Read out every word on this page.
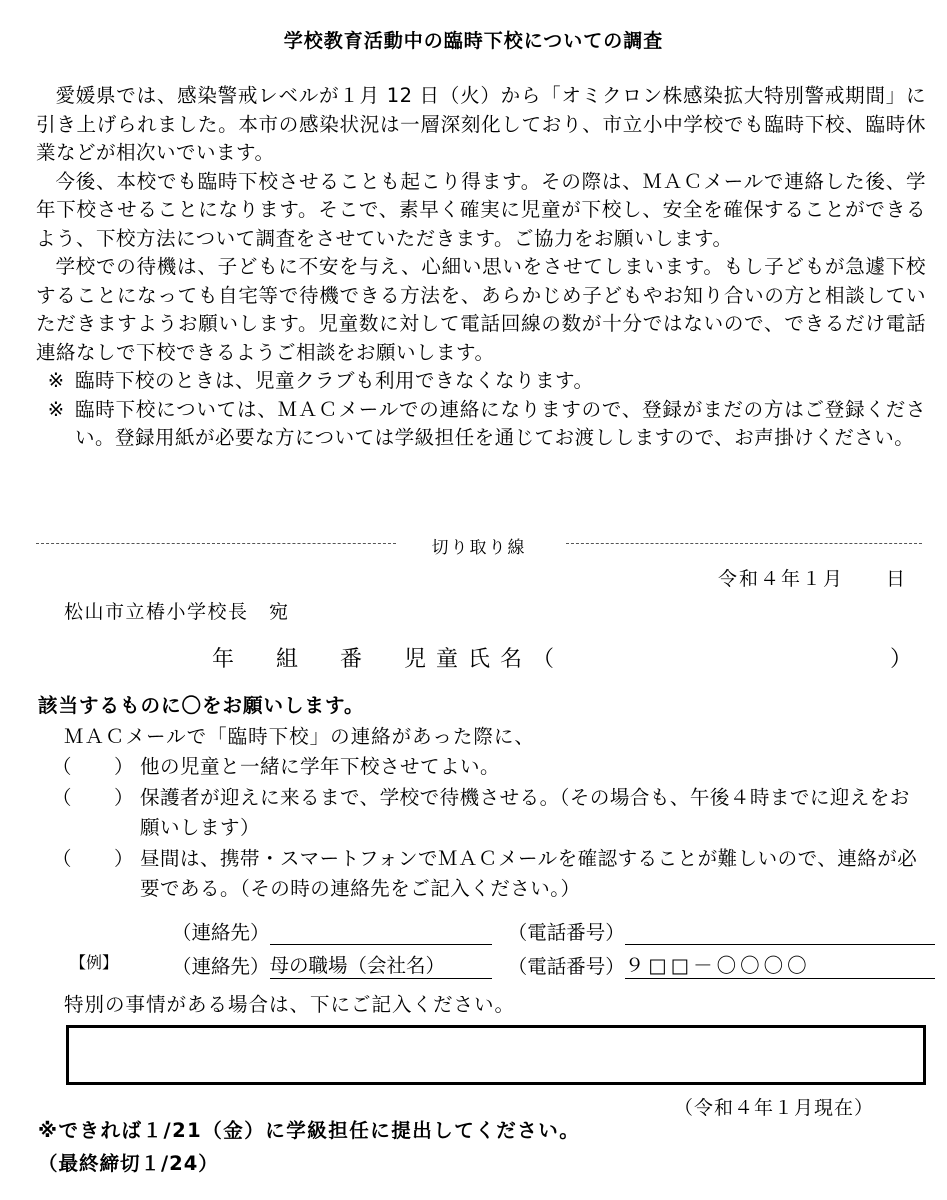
学校教育活動中の臨時下校についての調査

愛媛県では、感染警戒レベルが１月 12 日（火）から「オミクロン株感染拡大特別警戒期間」に引き上げられました。本市の感染状況は一層深刻化しており、市立小中学校でも臨時下校、臨時休業などが相次いでいます。

今後、本校でも臨時下校させることも起こり得ます。その際は、ＭＡＣメールで連絡した後、学年下校させることになります。そこで、素早く確実に児童が下校し、安全を確保することができるよう、下校方法について調査をさせていただきます。ご協力をお願いします。

学校での待機は、子どもに不安を与え、心細い思いをさせてしまいます。もし子どもが急遽下校することになっても自宅等で待機できる方法を、あらかじめ子どもやお知り合いの方と相談していただきますようお願いします。児童数に対して電話回線の数が十分ではないので、できるだけ電話連絡なしで下校できるようご相談をお願いします。

※ 臨時下校のときは、児童クラブも利用できなくなります。

※ 臨時下校については、ＭＡＣメールでの連絡になりますので、登録がまだの方はご登録ください。登録用紙が必要な方については学級担任を通じてお渡ししますので、お声掛けください。

切り取り線
令和４年１月　　日
松山市立椿小学校長　宛
年　組　番　児童氏名（	）
該当するものに〇をお願いします。
ＭＡＣメールで「臨時下校」の連絡があった際に、
（ ） 他の児童と一緒に学年下校させてよい。
（ ） 保護者が迎えに来るまで、学校で待機させる。（その場合も、午後４時までに迎えをお願いします）
（ ） 昼間は、携帯・スマートフォンでＭＡＣメールを確認することが難しいので、連絡が必要である。（その時の連絡先をご記入ください。）
（連絡先）	（電話番号）
【例】	（連絡先）母の職場（会社名）	（電話番号）９□□－〇〇〇〇
特別の事情がある場合は、下にご記入ください。
（令和４年１月現在）
※できれば１/21（金）に学級担任に提出してください。
（最終締切１/24）
